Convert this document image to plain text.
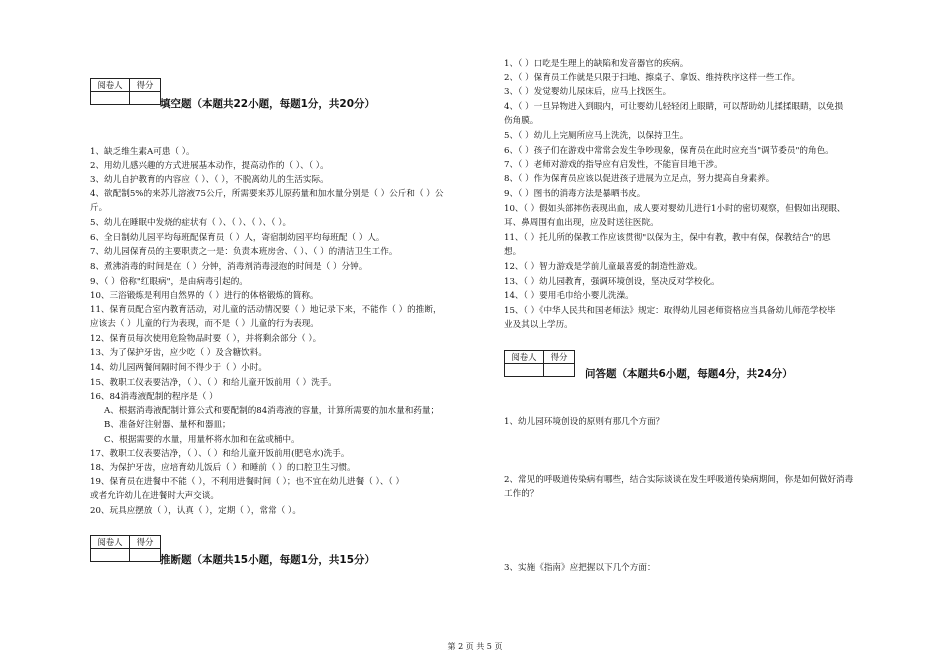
阅卷人	得分

填空题（本题共22小题，每题1分，共20分）
1、缺乏维生素A可患（ ）。
2、用幼儿感兴趣的方式进展基本动作，提高动作的（ ）、（ ）。
3、幼儿自护教育的内容应（ ）、（ ），不脱离幼儿的生活实际。
4、欲配制5%的来苏儿溶液75公斤，所需要来苏儿原药量和加水量分别是（ ）公斤和（ ）公
斤。
5、幼儿在睡眠中发烧的症状有（ ）、（ ）、（ ）、（ ）。
6、全日制幼儿园平均每班配保育员（ ）人，寄宿制幼园平均每班配（ ）人。
7、幼儿园保育员的主要职责之一是：负责本班房舍、（ ）、（ ）的清洁卫生工作。
8、煮沸消毒的时间是在（ ）分钟，消毒剂消毒浸泡的时间是（ ）分钟。
9、（ ）俗称"红眼病"，是由病毒引起的。
10、三浴锻炼是利用自然界的（ ）进行的体格锻炼的简称。
11、保育员配合室内教育活动，对儿童的活动情况要（ ）地记录下来，不能作（ ）的推断，
应该去（ ）儿童的行为表现，而不是（ ）儿童的行为表现。
12、保育员每次使用危险物品时要（ ），并将剩余部分（ ）。
13、为了保护牙齿，应少吃（ ）及含糖饮料。
14、幼儿园两餐间隔时间不得少于（ ）小时。
15、教职工仪表要洁净，（ ）、（ ）和给儿童开饭前用（ ）洗手。
16、84消毒液配制的程序是（ ）
A、根据消毒液配制计算公式和要配制的84消毒液的容量，计算所需要的加水量和药量；
B、准备好注射器、量杯和器皿；
C、根据需要的水量，用量杯将水加和在盆或桶中。
17、教职工仪表要洁净，（ ）、（ ）和给儿童开饭前用(肥皂水)洗手。
18、为保护牙齿，应培育幼儿饭后（ ）和睡前（ ）的口腔卫生习惯。
19、保育员在进餐中不能（ ），不利用进餐时间（ ）；也不宜在幼儿进餐（ ）、（ ）
或者允许幼儿在进餐时大声交谈。
20、玩具应摆放（ ），认真（ ），定期（ ），常常（ ）。
阅卷人	得分

推断题（本题共15小题，每题1分，共15分）
1、（ ）口吃是生理上的缺陷和发音器官的疾病。
2、（ ）保育员工作就是只限于扫地、擦桌子、拿饭、维持秩序这样一些工作。
3、（ ）发觉婴幼儿尿床后，应马上找医生。
4、（ ）一旦异物进入到眼内，可让婴幼儿轻轻闭上眼睛，可以帮助幼儿揉揉眼睛，以免损
伤角膜。
5、（ ）幼儿上完厕所应马上洗洗，以保持卫生。
6、（ ）孩子们在游戏中常常会发生争吵现象，保育员在此时应充当"调节委员"的角色。
7、（ ）老师对游戏的指导应有启发性，不能盲目地干涉。
8、（ ）作为保育员应该以促进孩子进展为立足点，努力提高自身素养。
9、（ ）图书的消毒方法是暴晒书皮。
10、（ ）假如头部摔伤表现出血，成人要对婴幼儿进行1小时的密切观察，但假如出现眼、
耳、鼻周围有血出现，应及时送往医院。
11、（ ）托儿所的保教工作应该贯彻"以保为主，保中有教，教中有保，保教结合"的思
想。
12、（ ）智力游戏是学前儿童最喜爱的制造性游戏。
13、（ ）幼儿园教育，强调环境创设，坚决反对学校化。
14、（ ）要用毛巾给小婴儿洗澡。
15、（ ）《中华人民共和国老师法》规定：取得幼儿园老师资格应当具备幼儿师范学校毕
业及其以上学历。
阅卷人	得分

问答题（本题共6小题，每题4分，共24分）
1、幼儿园环境创设的原则有那几个方面？
2、常见的呼吸道传染病有哪些，结合实际谈谈在发生呼吸道传染病期间，你是如何做好消毒
工作的？
3、实施《指南》应把握以下几个方面：
第 2 页 共 5 页
